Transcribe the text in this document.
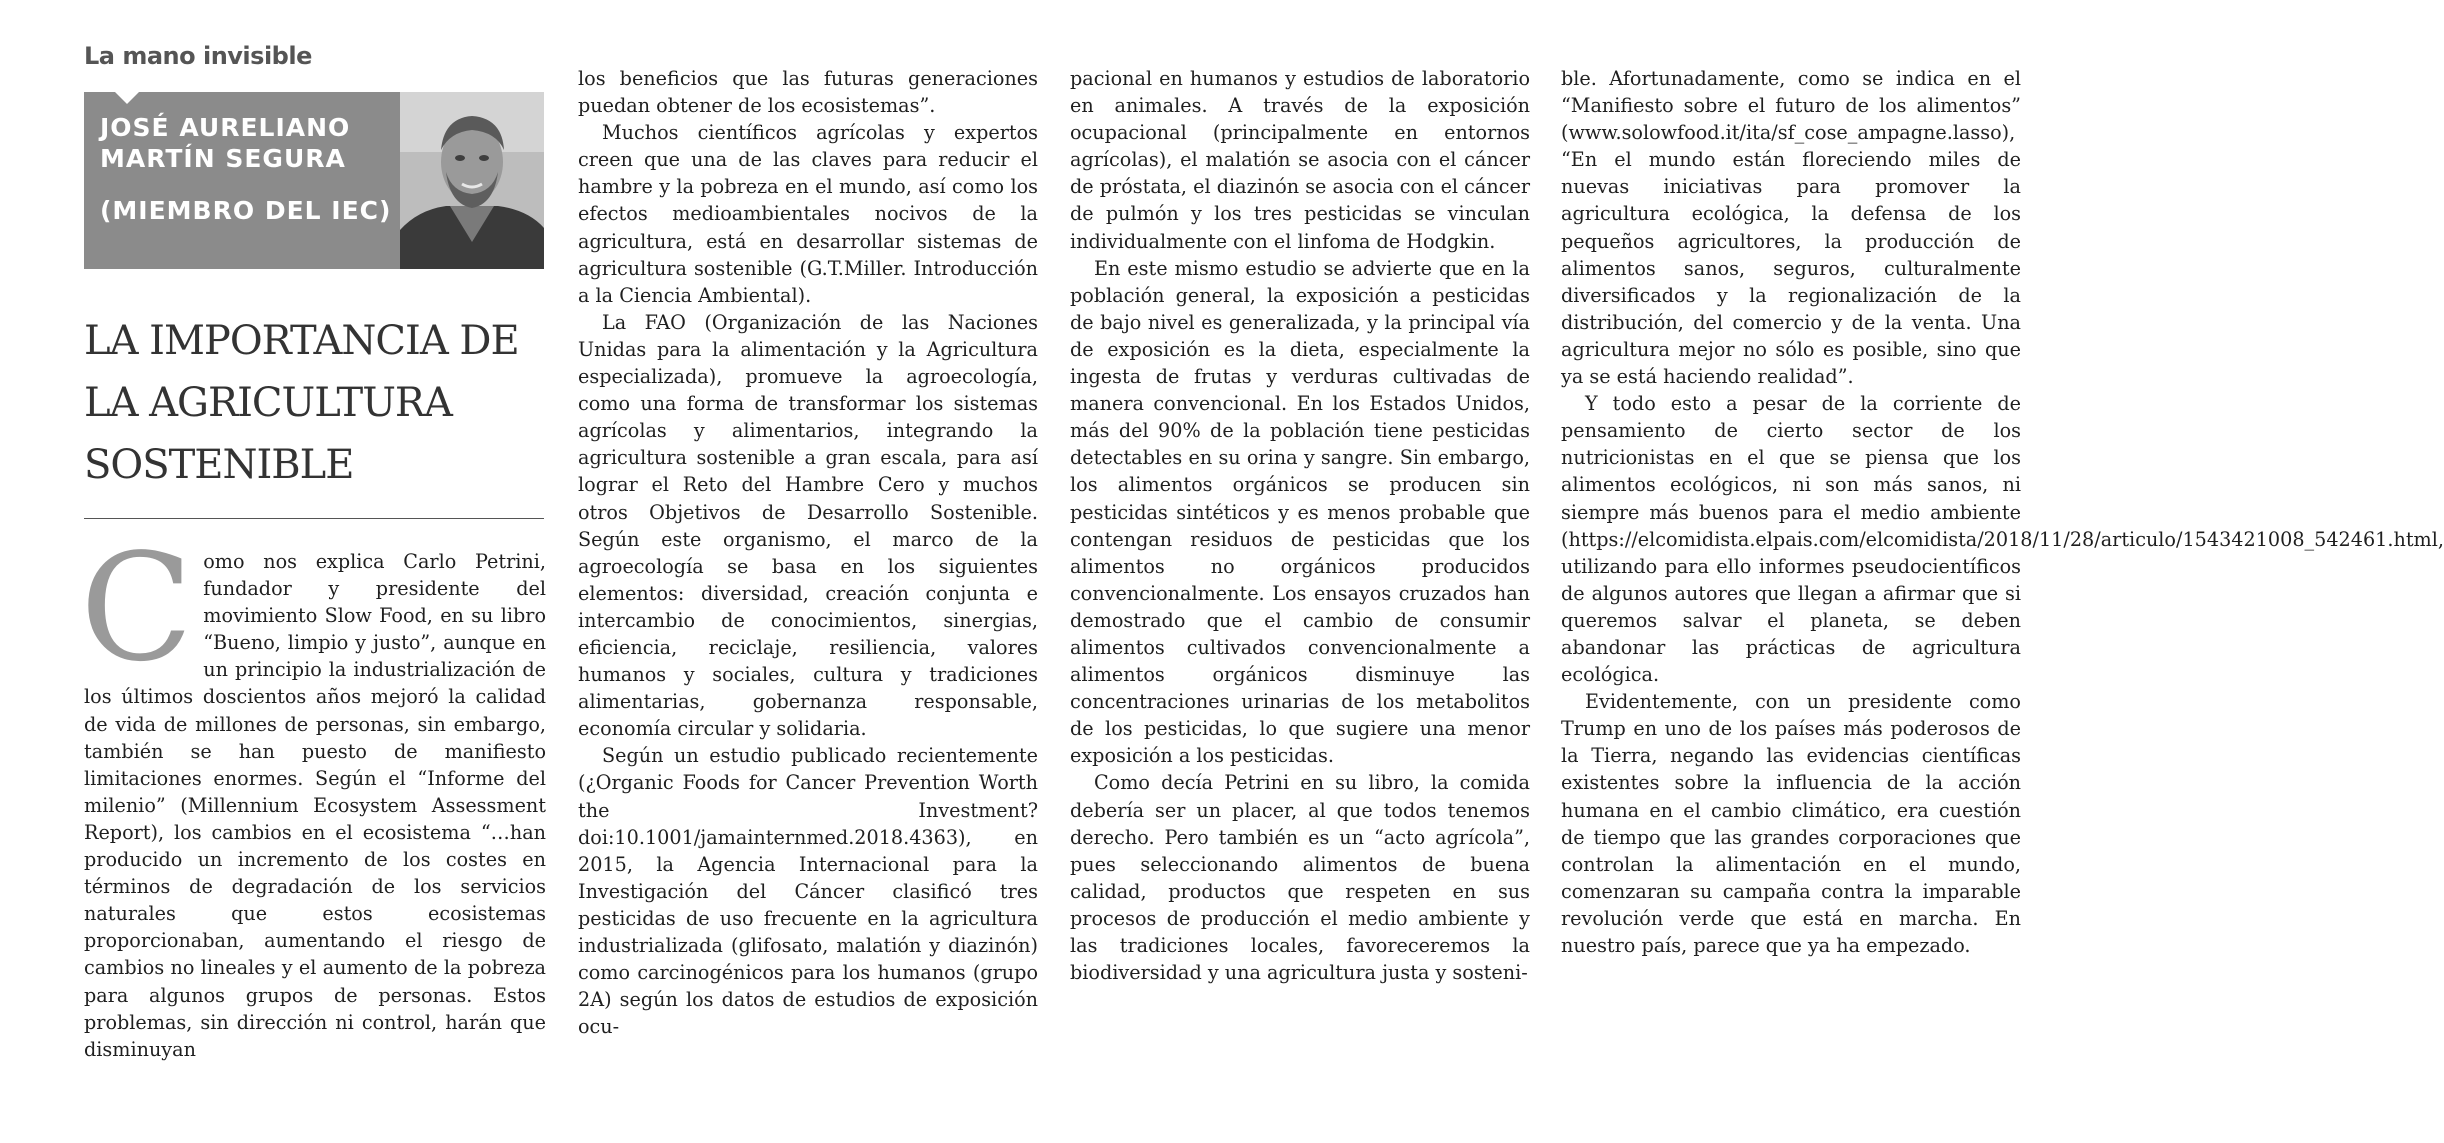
La mano invisible
JOSÉ AURELIANO MARTÍN SEGURA
(MIEMBRO DEL IEC)
LA IMPORTANCIA DE
LA AGRICULTURA
SOSTENIBLE

Como nos explica Carlo Petrini, fundador y presidente del movimiento Slow Food, en su libro “Bueno, limpio y justo”, aunque en un principio la industrialización de los últimos doscientos años mejoró la calidad de vida de millones de personas, sin embargo, también se han puesto de manifiesto limitaciones enormes. Según el “Informe del milenio” (Millennium Ecosystem Assessment Report), los cambios en el ecosistema “…han producido un incremento de los costes en términos de degradación de los servicios naturales que estos ecosistemas proporcionaban, aumentando el riesgo de cambios no lineales y el aumento de la pobreza para algunos grupos de personas. Estos problemas, sin dirección ni control, harán que disminuyan

los beneficios que las futuras generaciones puedan obtener de los ecosistemas”.

Muchos científicos agrícolas y expertos creen que una de las claves para reducir el hambre y la pobreza en el mundo, así como los efectos medioambientales nocivos de la agricultura, está en desarrollar sistemas de agricultura sostenible (G.T.Miller. Introducción a la Ciencia Ambiental).

La FAO (Organización de las Naciones Unidas para la alimentación y la Agricultura especializada), promueve la agroecología, como una forma de transformar los sistemas agrícolas y alimentarios, integrando la agricultura sostenible a gran escala, para así lograr el Reto del Hambre Cero y muchos otros Objetivos de Desarrollo Sostenible. Según este organismo, el marco de la agroecología se basa en los siguientes elementos: diversidad, creación conjunta e intercambio de conocimientos, sinergias, eficiencia, reciclaje, resiliencia, valores humanos y sociales, cultura y tradiciones alimentarias, gobernanza responsable, economía circular y solidaria.

Según un estudio publicado recientemente (¿Organic Foods for Cancer Prevention Worth the Investment? doi:10.1001/jamainternmed.2018.4363), en 2015, la Agencia Internacional para la Investigación del Cáncer clasificó tres pesticidas de uso frecuente en la agricultura industrializada (glifosato, malatión y diazinón) como carcinogénicos para los humanos (grupo 2A) según los datos de estudios de exposición ocu-

pacional en humanos y estudios de laboratorio en animales. A través de la exposición ocupacional (principalmente en entornos agrícolas), el malatión se asocia con el cáncer de próstata, el diazinón se asocia con el cáncer de pulmón y los tres pesticidas se vinculan individualmente con el linfoma de Hodgkin.

En este mismo estudio se advierte que en la población general, la exposición a pesticidas de bajo nivel es generalizada, y la principal vía de exposición es la dieta, especialmente la ingesta de frutas y verduras cultivadas de manera convencional. En los Estados Unidos, más del 90% de la población tiene pesticidas detectables en su orina y sangre. Sin embargo, los alimentos orgánicos se producen sin pesticidas sintéticos y es menos probable que contengan residuos de pesticidas que los alimentos no orgánicos producidos convencionalmente. Los ensayos cruzados han demostrado que el cambio de consumir alimentos cultivados convencionalmente a alimentos orgánicos disminuye las concentraciones urinarias de los metabolitos de los pesticidas, lo que sugiere una menor exposición a los pesticidas.

Como decía Petrini en su libro, la comida debería ser un placer, al que todos tenemos derecho. Pero también es un “acto agrícola”, pues seleccionando alimentos de buena calidad, productos que respeten en sus procesos de producción el medio ambiente y las tradiciones locales, favoreceremos la biodiversidad y una agricultura justa y sosteni-

ble. Afortunadamente, como se indica en el “Manifiesto sobre el futuro de los alimentos” (www.solowfood.it/ita/sf_cose_ampagne.lasso), “En el mundo están floreciendo miles de nuevas iniciativas para promover la agricultura ecológica, la defensa de los pequeños agricultores, la producción de alimentos sanos, seguros, culturalmente diversificados y la regionalización de la distribución, del comercio y de la venta. Una agricultura mejor no sólo es posible, sino que ya se está haciendo realidad”.

Y todo esto a pesar de la corriente de pensamiento de cierto sector de los nutricionistas en el que se piensa que los alimentos ecológicos, ni son más sanos, ni siempre más buenos para el medio ambiente (https://elcomidista.elpais.com/elcomidista/2018/11/28/articulo/1543421008_542461.html, utilizando para ello informes pseudocientíficos de algunos autores que llegan a afirmar que si queremos salvar el planeta, se deben abandonar las prácticas de agricultura ecológica.

Evidentemente, con un presidente como Trump en uno de los países más poderosos de la Tierra, negando las evidencias científicas existentes sobre la influencia de la acción humana en el cambio climático, era cuestión de tiempo que las grandes corporaciones que controlan la alimentación en el mundo, comenzaran su campaña contra la imparable revolución verde que está en marcha. En nuestro país, parece que ya ha empezado.
